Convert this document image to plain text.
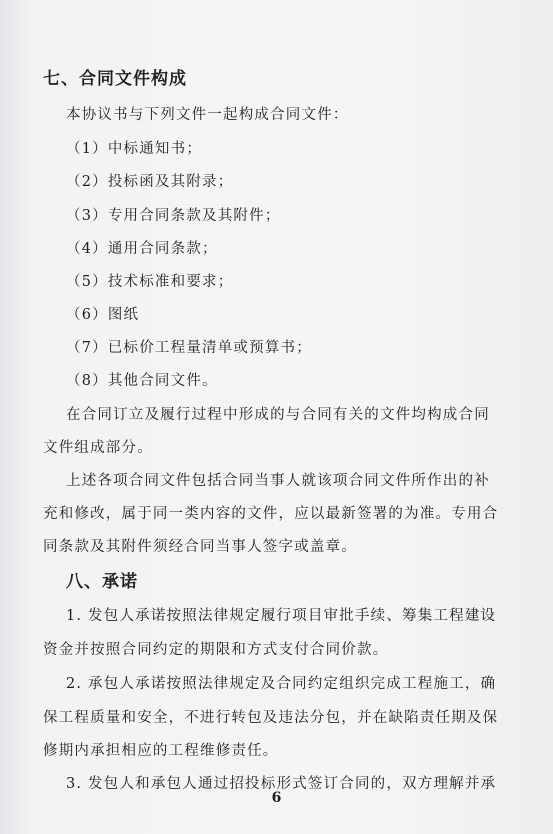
七、合同文件构成
本协议书与下列文件一起构成合同文件：
（1）中标通知书；
（2）投标函及其附录；
（3）专用合同条款及其附件；
（4）通用合同条款；
（5）技术标准和要求；
（6）图纸
（7）已标价工程量清单或预算书；
（8）其他合同文件。
在合同订立及履行过程中形成的与合同有关的文件均构成合同
文件组成部分。
上述各项合同文件包括合同当事人就该项合同文件所作出的补
充和修改，属于同一类内容的文件，应以最新签署的为准。专用合
同条款及其附件须经合同当事人签字或盖章。
八、承诺
1. 发包人承诺按照法律规定履行项目审批手续、筹集工程建设
资金并按照合同约定的期限和方式支付合同价款。
2. 承包人承诺按照法律规定及合同约定组织完成工程施工，确
保工程质量和安全，不进行转包及违法分包，并在缺陷责任期及保
修期内承担相应的工程维修责任。
3. 发包人和承包人通过招投标形式签订合同的，双方理解并承
6
